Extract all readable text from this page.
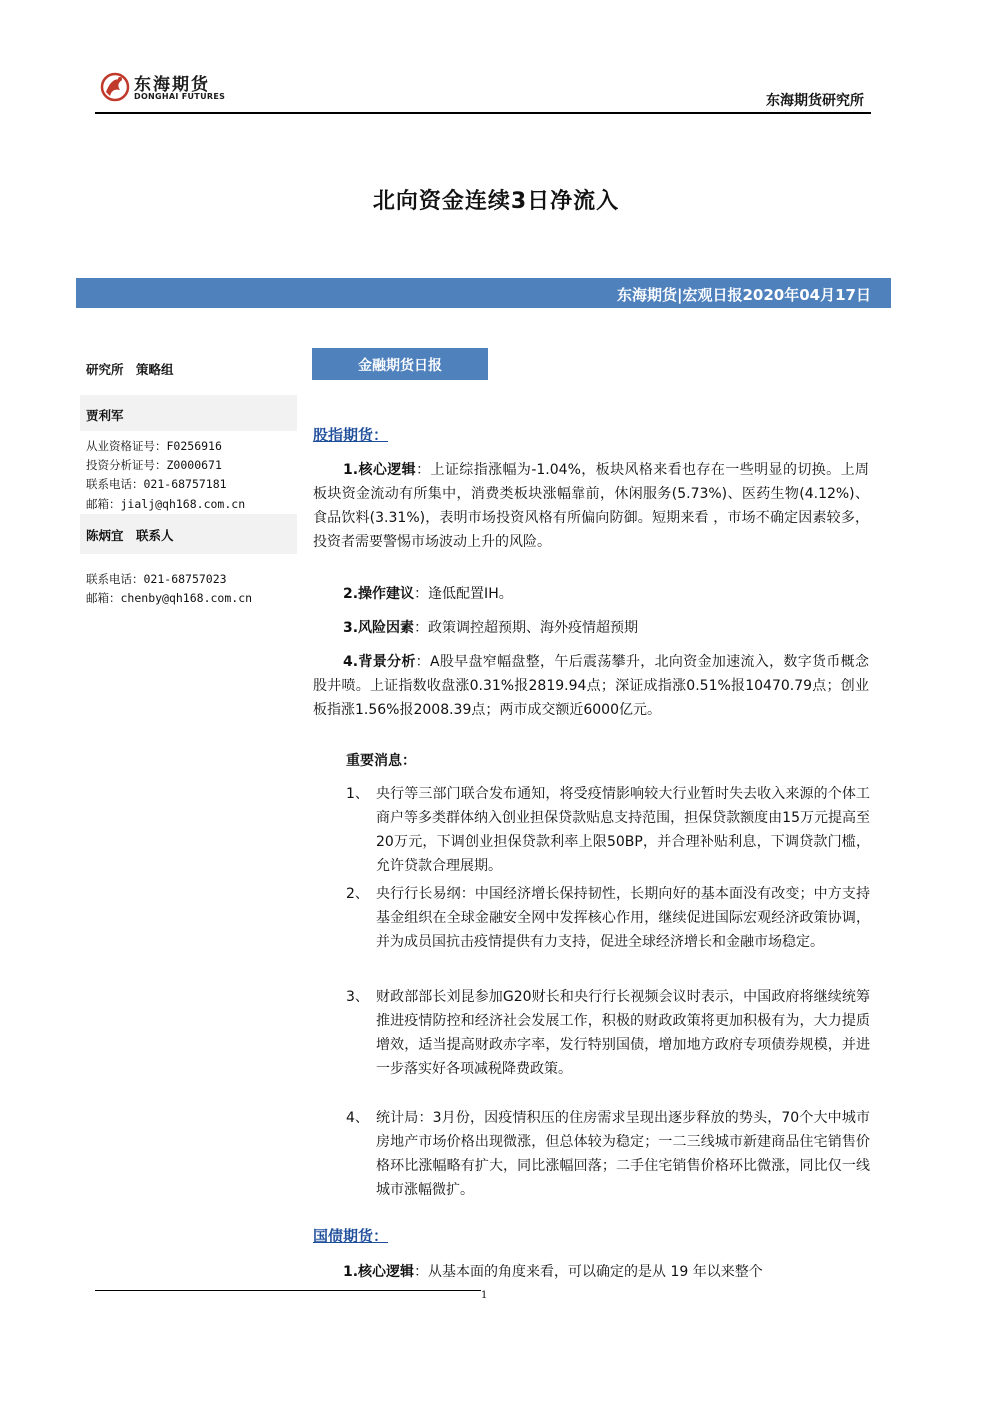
东海期货
DONGHAI FUTURES	东海期货研究所
北向资金连续3日净流入
东海期货|宏观日报2020年04月17日
研究所　策略组
贾利军
从业资格证号：F0256916
投资分析证号：Z0000671
联系电话：021-68757181
邮箱：jialj@qh168.com.cn
陈炳宜　联系人
联系电话：021-68757023
邮箱：chenby@qh168.com.cn
金融期货日报
股指期货：
1.核心逻辑：上证综指涨幅为-1.04%，板块风格来看也存在一些明显的切换。上周板块资金流动有所集中，消费类板块涨幅靠前，休闲服务(5.73%)、医药生物(4.12%)、食品饮料(3.31%)，表明市场投资风格有所偏向防御。短期来看 ，市场不确定因素较多，投资者需要警惕市场波动上升的风险。
2.操作建议：逢低配置IH。
3.风险因素：政策调控超预期、海外疫情超预期
4.背景分析：A股早盘窄幅盘整，午后震荡攀升，北向资金加速流入，数字货币概念股井喷。上证指数收盘涨0.31%报2819.94点；深证成指涨0.51%报10470.79点；创业板指涨1.56%报2008.39点；两市成交额近6000亿元。
重要消息：
1、 央行等三部门联合发布通知，将受疫情影响较大行业暂时失去收入来源的个体工商户等多类群体纳入创业担保贷款贴息支持范围，担保贷款额度由15万元提高至20万元，下调创业担保贷款利率上限50BP，并合理补贴利息，下调贷款门槛，允许贷款合理展期。
2、 央行行长易纲：中国经济增长保持韧性，长期向好的基本面没有改变；中方支持基金组织在全球金融安全网中发挥核心作用，继续促进国际宏观经济政策协调，并为成员国抗击疫情提供有力支持，促进全球经济增长和金融市场稳定。
3、 财政部部长刘昆参加G20财长和央行行长视频会议时表示，中国政府将继续统筹推进疫情防控和经济社会发展工作，积极的财政政策将更加积极有为，大力提质增效，适当提高财政赤字率，发行特别国债，增加地方政府专项债券规模，并进一步落实好各项减税降费政策。
4、 统计局：3月份，因疫情积压的住房需求呈现出逐步释放的势头，70个大中城市房地产市场价格出现微涨，但总体较为稳定；一二三线城市新建商品住宅销售价格环比涨幅略有扩大，同比涨幅回落；二手住宅销售价格环比微涨，同比仅一线城市涨幅微扩。
国债期货：
1.核心逻辑：从基本面的角度来看，可以确定的是从 19 年以来整个
1
